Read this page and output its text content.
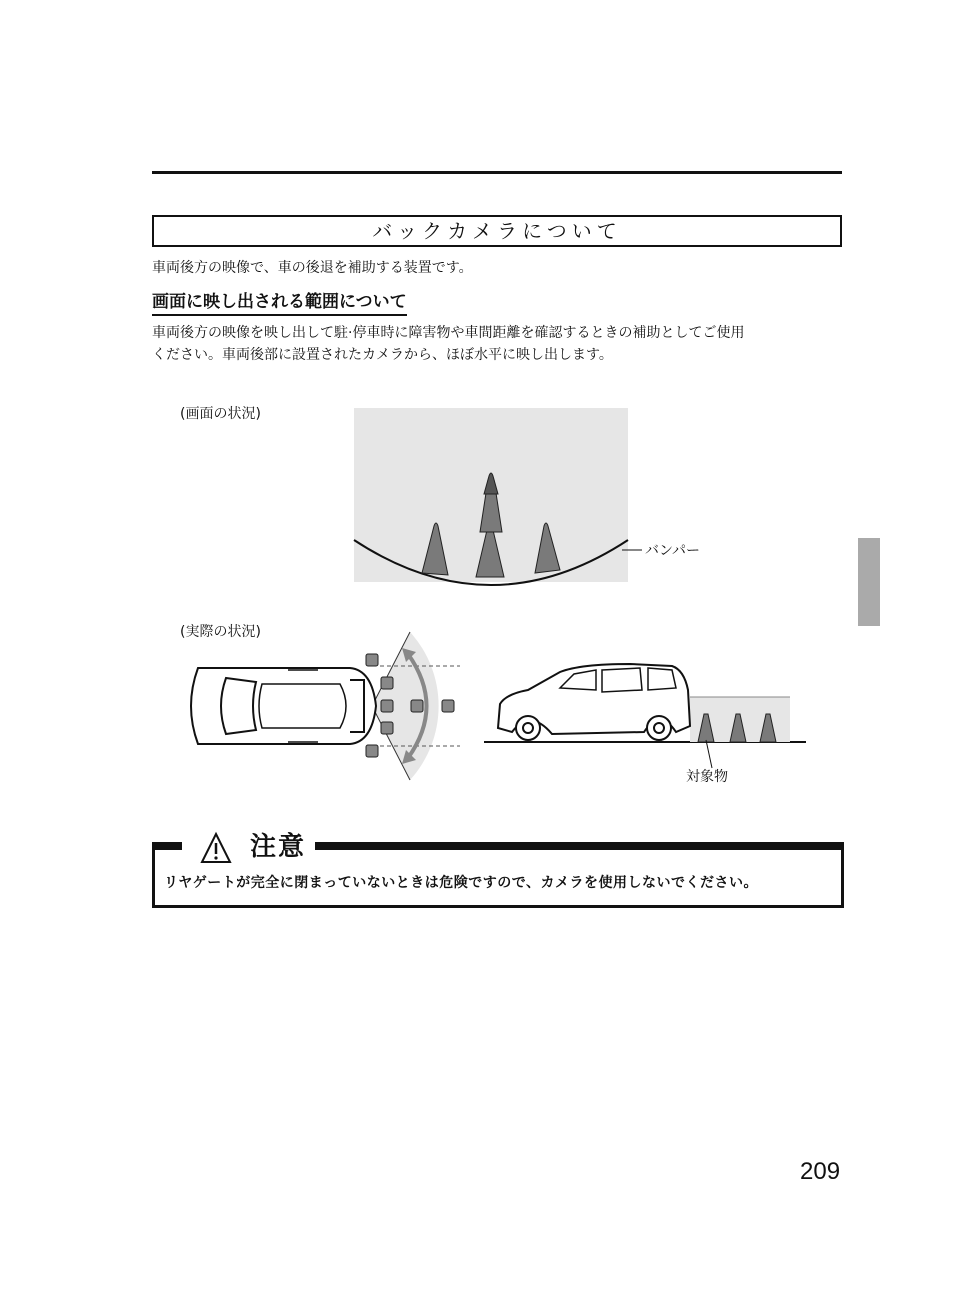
バックカメラについて
車両後方の映像で、車の後退を補助する装置です。
画面に映し出される範囲について
車両後方の映像を映し出して駐·停車時に障害物や車間距離を確認するときの補助としてご使用
ください。車両後部に設置されたカメラから、ほぼ水平に映し出します。
(画面の状況)
バンパー
(実際の状況)
対象物
注意
リヤゲートが完全に閉まっていないときは危険ですので、カメラを使用しないでください。
209
